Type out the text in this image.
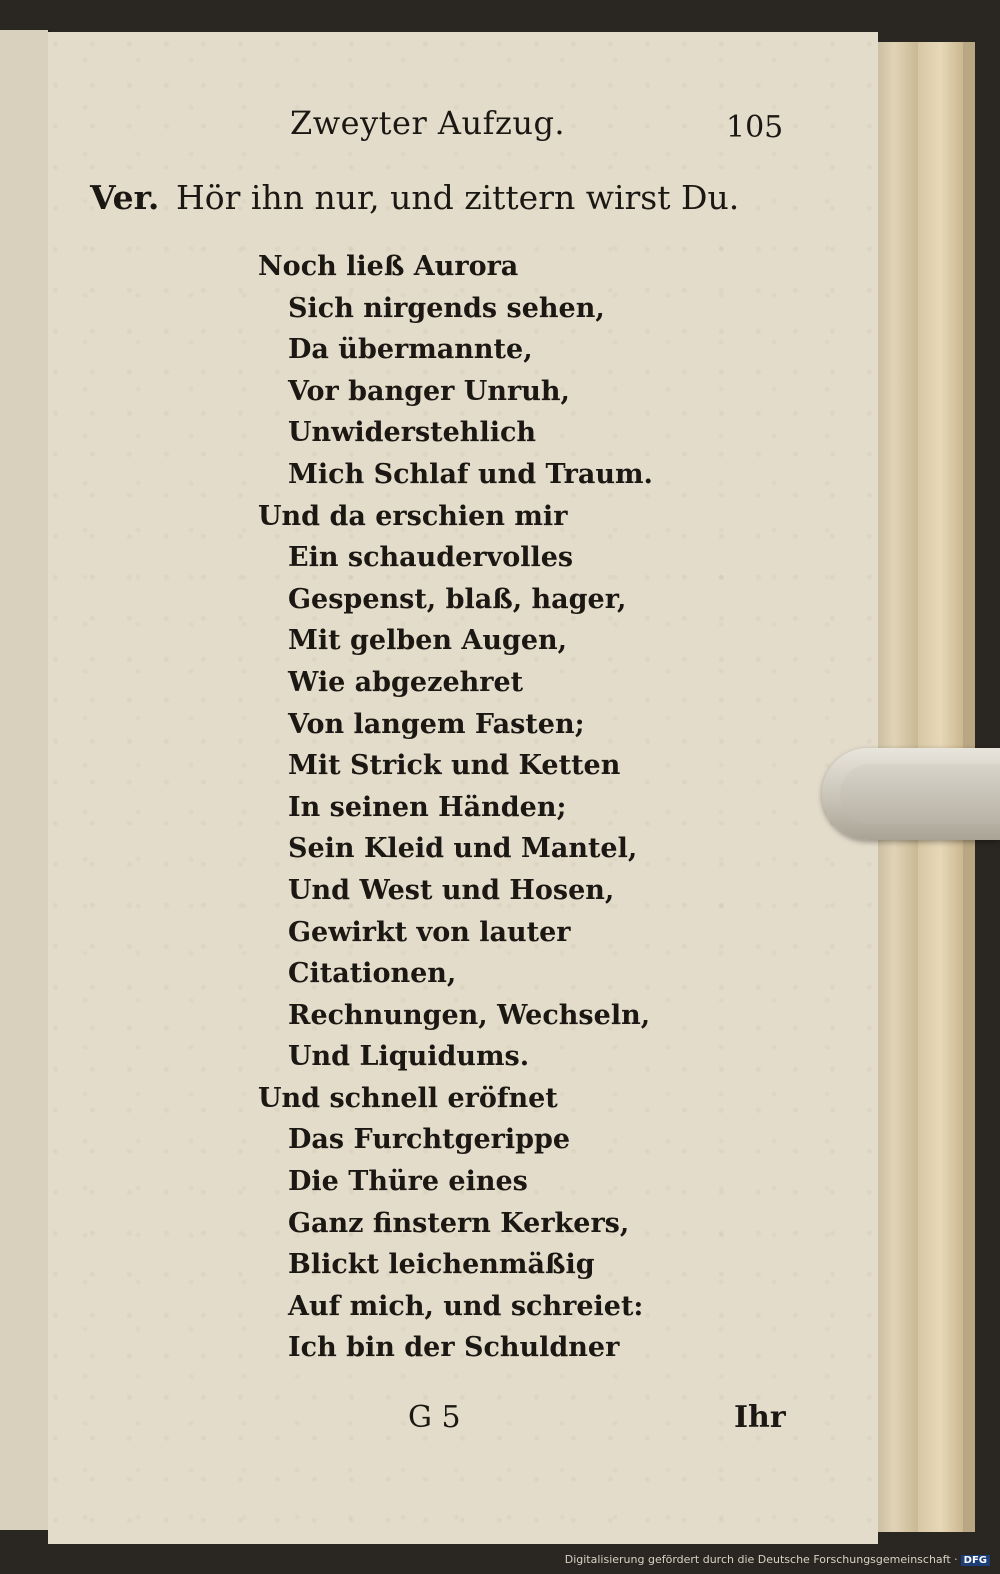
Zweyter Aufzug.	105
Ver. Hör ihn nur, und zittern wirst Du.
Noch ließ Aurora
Sich nirgends sehen,
Da übermannte,
Vor banger Unruh,
Unwiderstehlich
Mich Schlaf und Traum.
Und da erschien mir
Ein schaudervolles
Gespenst, blaß, hager,
Mit gelben Augen,
Wie abgezehret
Von langem Fasten;
Mit Strick und Ketten
In seinen Händen;
Sein Kleid und Mantel,
Und West und Hosen,
Gewirkt von lauter
Citationen,
Rechnungen, Wechseln,
Und Liquidums.
Und schnell eröfnet
Das Furchtgerippe
Die Thüre eines
Ganz finstern Kerkers,
Blickt leichenmäßig
Auf mich, und schreiet:
Ich bin der Schuldner
G 5	Ihr
Digitalisierung gefördert durch die Deutsche Forschungsgemeinschaft · DFG
